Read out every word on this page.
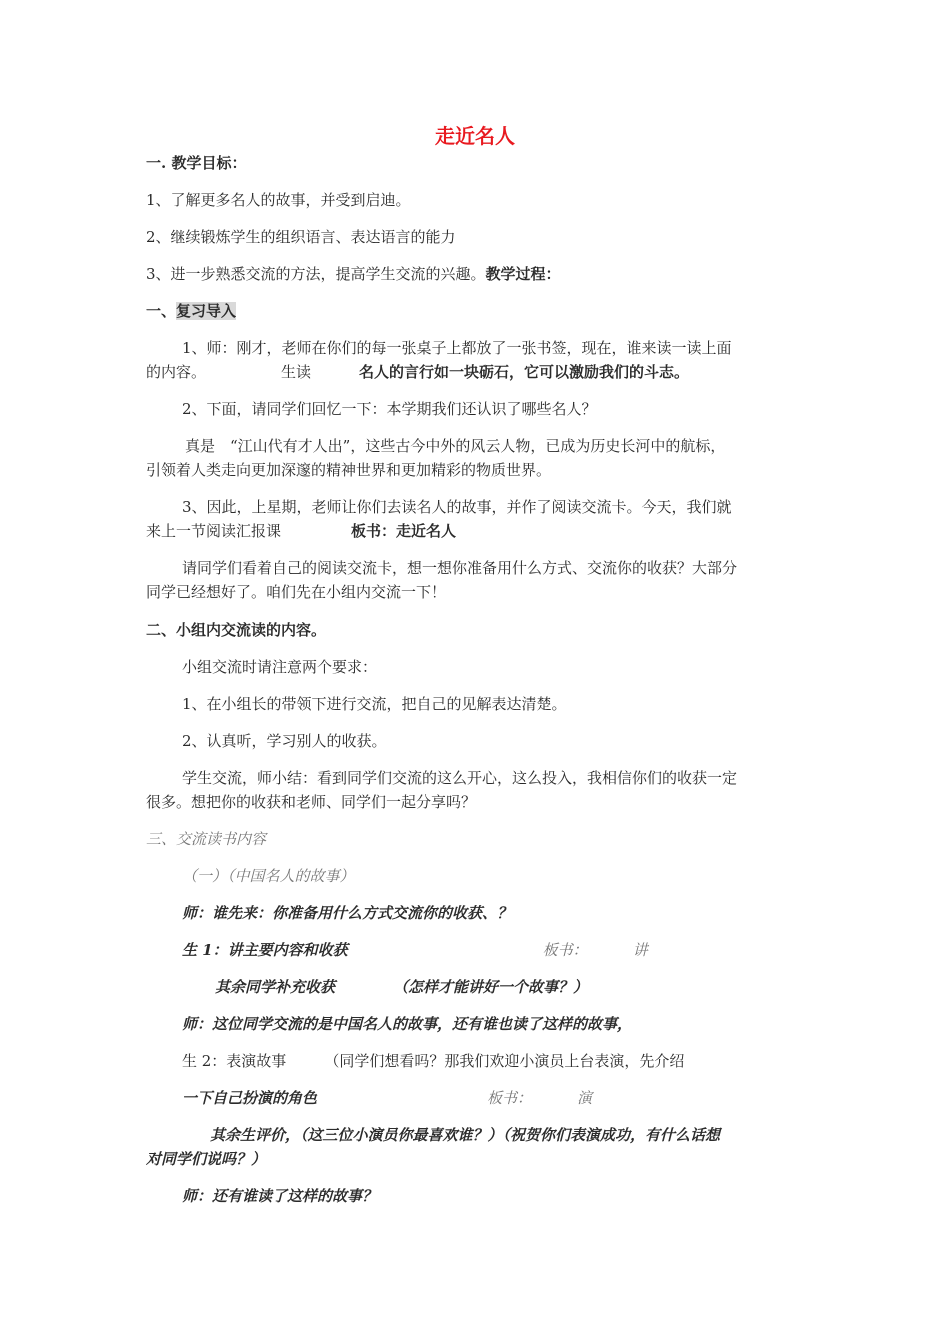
走近名人
一. 教学目标：
1、了解更多名人的故事，并受到启迪。
2、继续锻炼学生的组织语言、表达语言的能力
3、进一步熟悉交流的方法，提高学生交流的兴趣。教学过程：
一、复习导入
1、师：刚才，老师在你们的每一张桌子上都放了一张书签，现在，谁来读一读上面
的内容。	生读	名人的言行如一块砺石，它可以激励我们的斗志。
2、下面，请同学们回忆一下：本学期我们还认识了哪些名人？
真是　“江山代有才人出”，这些古今中外的风云人物，已成为历史长河中的航标，
引领着人类走向更加深邃的精神世界和更加精彩的物质世界。
3、因此，上星期，老师让你们去读名人的故事，并作了阅读交流卡。今天，我们就
来上一节阅读汇报课	板书：走近名人
请同学们看着自己的阅读交流卡，想一想你准备用什么方式、交流你的收获？大部分
同学已经想好了。咱们先在小组内交流一下！
二、小组内交流读的内容。
小组交流时请注意两个要求：
1、在小组长的带领下进行交流，把自己的见解表达清楚。
2、认真听，学习别人的收获。
学生交流，师小结：看到同学们交流的这么开心，这么投入，我相信你们的收获一定
很多。想把你的收获和老师、同学们一起分享吗？
三、交流读书内容
（一）（中国名人的故事）
师：谁先来：你准备用什么方式交流你的收获、？
生 1：讲主要内容和收获	板书：	讲
其余同学补充收获	（怎样才能讲好一个故事？）
师：这位同学交流的是中国名人的故事，还有谁也读了这样的故事，
生 2：表演故事	（同学们想看吗？那我们欢迎小演员上台表演，先介绍
一下自己扮演的角色	板书：	演
其余生评价，（这三位小演员你最喜欢谁？）（祝贺你们表演成功，有什么话想
对同学们说吗？）
师：还有谁读了这样的故事？
